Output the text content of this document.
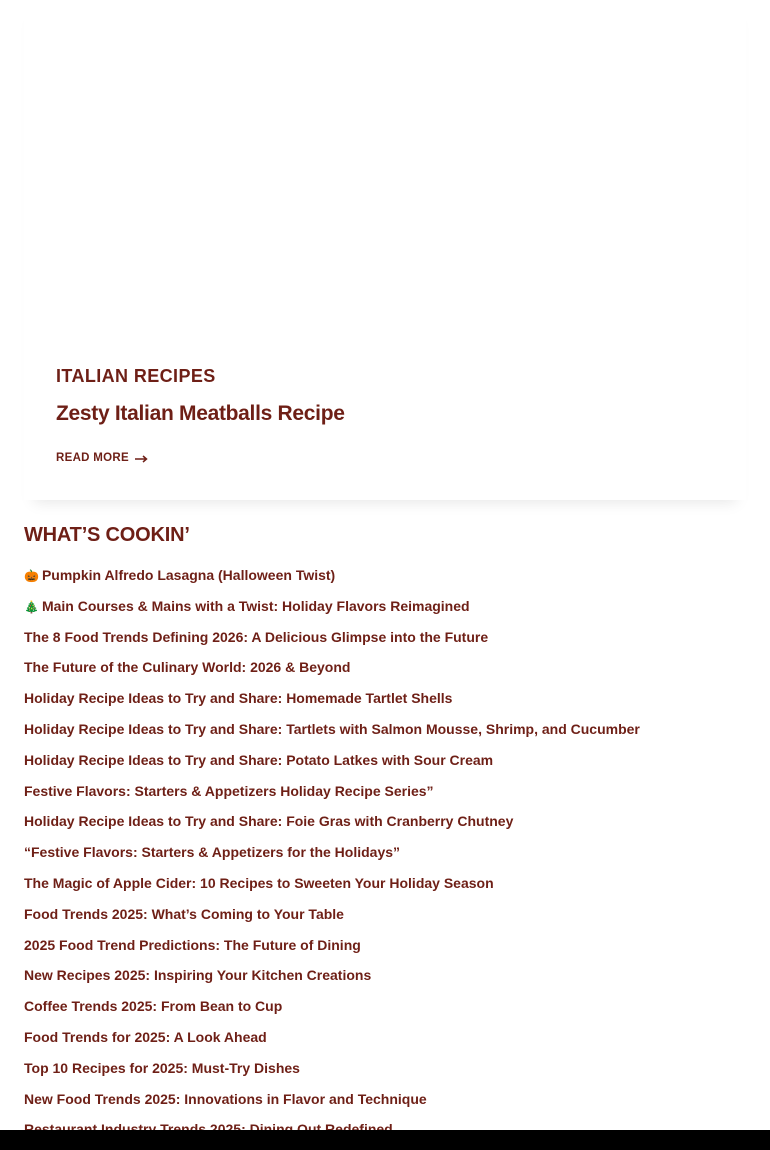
ITALIAN RECIPES
Zesty Italian Meatballs Recipe
READ MORE
WHAT’S COOKIN’
🎃 Pumpkin Alfredo Lasagna (Halloween Twist)
🎄 Main Courses & Mains with a Twist: Holiday Flavors Reimagined
The 8 Food Trends Defining 2026: A Delicious Glimpse into the Future
The Future of the Culinary World: 2026 & Beyond
Holiday Recipe Ideas to Try and Share: Homemade Tartlet Shells
Holiday Recipe Ideas to Try and Share: Tartlets with Salmon Mousse, Shrimp, and Cucumber
Holiday Recipe Ideas to Try and Share: Potato Latkes with Sour Cream
Festive Flavors: Starters & Appetizers Holiday Recipe Series”
Holiday Recipe Ideas to Try and Share: Foie Gras with Cranberry Chutney
“Festive Flavors: Starters & Appetizers for the Holidays”
The Magic of Apple Cider: 10 Recipes to Sweeten Your Holiday Season
Food Trends 2025: What’s Coming to Your Table
2025 Food Trend Predictions: The Future of Dining
New Recipes 2025: Inspiring Your Kitchen Creations
Coffee Trends 2025: From Bean to Cup
Food Trends for 2025: A Look Ahead
Top 10 Recipes for 2025: Must-Try Dishes
New Food Trends 2025: Innovations in Flavor and Technique
